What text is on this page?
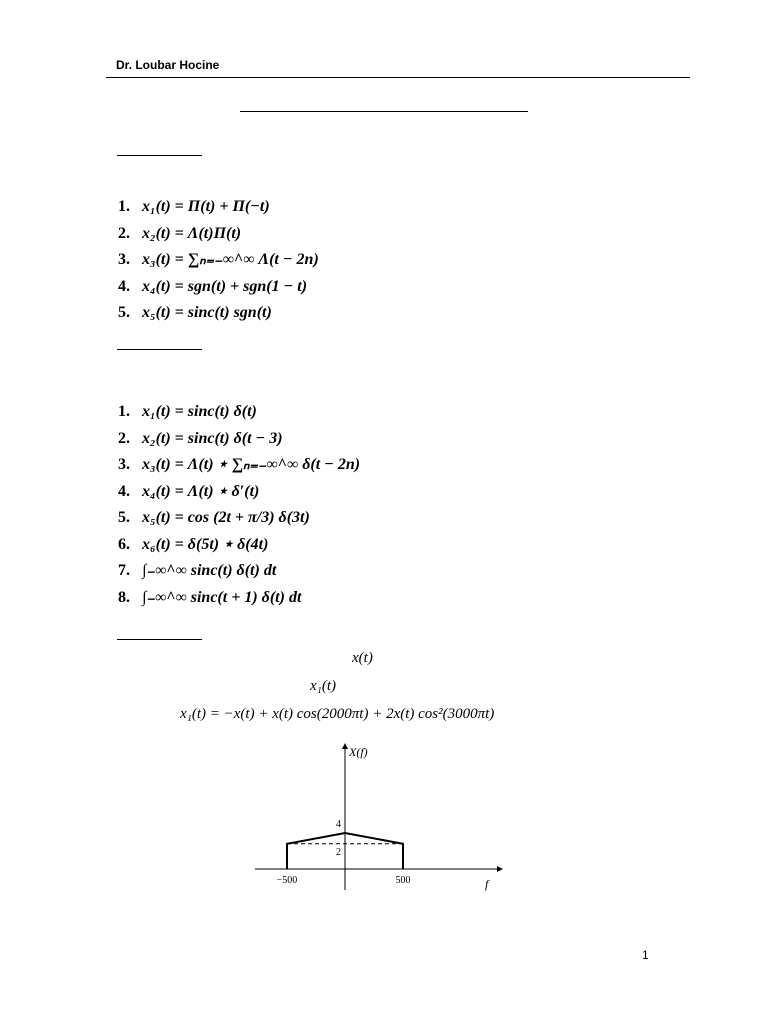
Dr. Loubar Hocine
1. x₁(t) = Π(t) + Π(−t)
2. x₂(t) = Λ(t)Π(t)
3. x₃(t) = ∑ₙ₌₋∞^∞ Λ(t − 2n)
4. x₄(t) = sgn(t) + sgn(1 − t)
5. x₅(t) = sinc(t) sgn(t)
1. x₁(t) = sinc(t) δ(t)
2. x₂(t) = sinc(t) δ(t − 3)
3. x₃(t) = Λ(t) ⋆ ∑ₙ₌₋∞^∞ δ(t − 2n)
4. x₄(t) = Λ(t) ⋆ δ′(t)
5. x₅(t) = cos (2t + π/3) δ(3t)
6. x₆(t) = δ(5t) ⋆ δ(4t)
7. ∫₋∞^∞ sinc(t) δ(t) dt
8. ∫₋∞^∞ sinc(t + 1) δ(t) dt
x(t)
x₁(t)
x₁(t) = −x(t) + x(t) cos(2000πt) + 2x(t) cos²(3000πt)
X(f)
f
−500	500
4
2
1
